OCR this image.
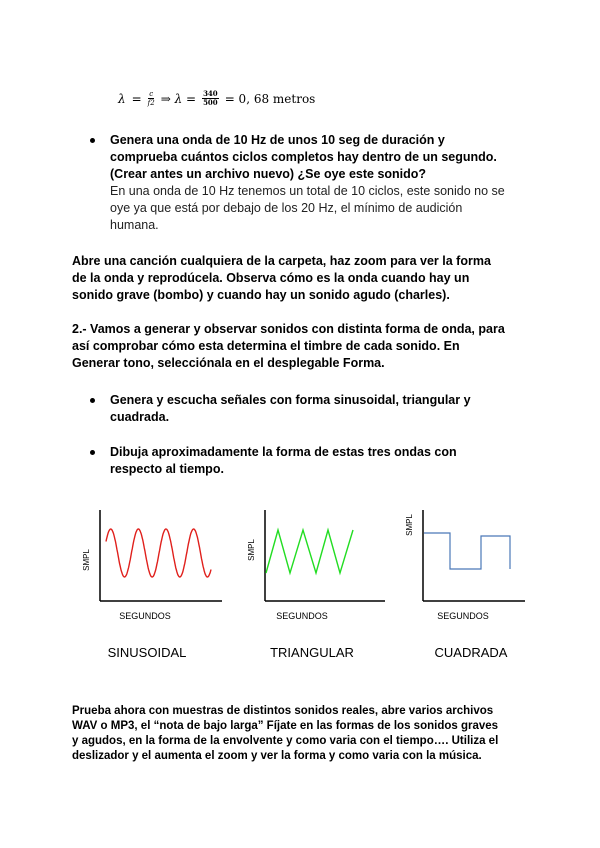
$\lambda = \frac{c}{f2}$ ⇒ $\lambda = \frac{340}{500} = 0$, 68 metros
Genera una onda de 10 Hz de unos 10 seg de duración y
comprueba cuántos ciclos completos hay dentro de un segundo.
(Crear antes un archivo nuevo) ¿Se oye este sonido?
En una onda de 10 Hz tenemos un total de 10 ciclos, este sonido no se
oye ya que está por debajo de los 20 Hz, el mínimo de audición
humana.
Abre una canción cualquiera de la carpeta, haz zoom para ver la forma
de la onda y reprodúcela. Observa cómo es la onda cuando hay un
sonido grave (bombo) y cuando hay un sonido agudo (charles).
2.- Vamos a generar y observar sonidos con distinta forma de onda, para
así comprobar cómo esta determina el timbre de cada sonido. En
Generar tono, selecciónala en el desplegable Forma.
Genera y escucha señales con forma sinusoidal, triangular y
cuadrada.
Dibuja aproximadamente la forma de estas tres ondas con
respecto al tiempo.
SMPL
SEGUNDOS
SINUSOIDAL
SMPL
SEGUNDOS
TRIANGULAR
SMPL
SEGUNDOS
CUADRADA
Prueba ahora con muestras de distintos sonidos reales, abre varios archivos
WAV o MP3, el “nota de bajo larga” Fíjate en las formas de los sonidos graves
y agudos, en la forma de la envolvente y como varia con el tiempo…. Utiliza el
deslizador y el aumenta el zoom y ver la forma y como varia con la música.
